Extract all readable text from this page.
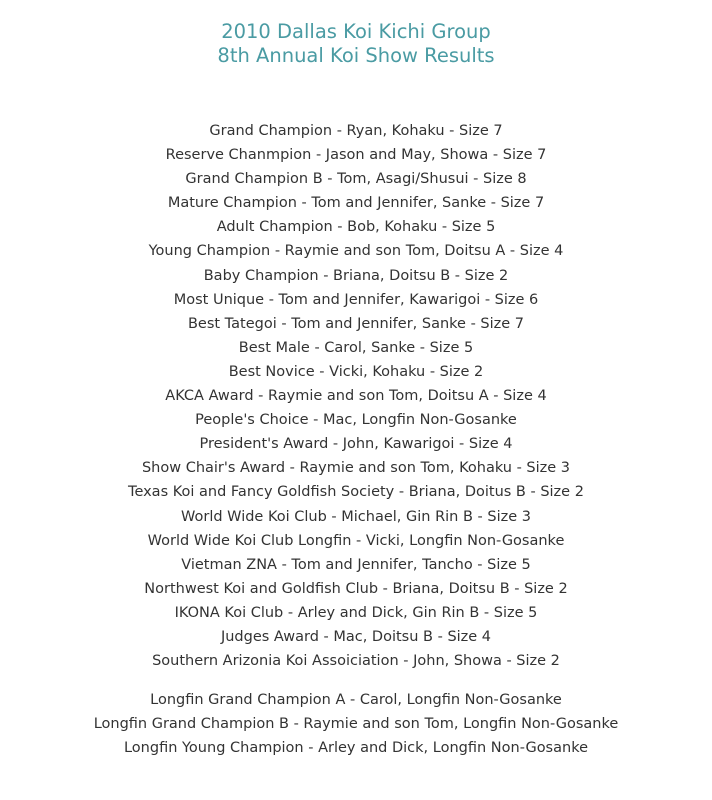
2010 Dallas Koi Kichi Group
8th Annual Koi Show Results
Grand Champion - Ryan, Kohaku - Size 7
Reserve Chanmpion - Jason and May, Showa - Size 7
Grand Champion B - Tom, Asagi/Shusui - Size 8
Mature Champion - Tom and Jennifer, Sanke - Size 7
Adult Champion - Bob, Kohaku - Size 5
Young Champion - Raymie and son Tom, Doitsu A - Size 4
Baby Champion - Briana, Doitsu B - Size 2
Most Unique - Tom and Jennifer, Kawarigoi - Size 6
Best Tategoi - Tom and Jennifer, Sanke - Size 7
Best Male - Carol, Sanke - Size 5
Best Novice - Vicki, Kohaku - Size 2
AKCA Award - Raymie and son Tom, Doitsu A - Size 4
People's Choice - Mac, Longfin Non-Gosanke
President's Award - John, Kawarigoi - Size 4
Show Chair's Award - Raymie and son Tom, Kohaku - Size 3
Texas Koi and Fancy Goldfish Society - Briana, Doitus B - Size 2
World Wide Koi Club - Michael, Gin Rin B - Size 3
World Wide Koi Club Longfin - Vicki, Longfin Non-Gosanke
Vietman ZNA - Tom and Jennifer, Tancho - Size 5
Northwest Koi and Goldfish Club - Briana, Doitsu B - Size 2
IKONA Koi Club - Arley and Dick, Gin Rin B - Size 5
Judges Award - Mac, Doitsu B - Size 4
Southern Arizonia Koi Assoiciation - John, Showa - Size 2
Longfin Grand Champion A - Carol, Longfin Non-Gosanke
Longfin Grand Champion B - Raymie and son Tom, Longfin Non-Gosanke
Longfin Young Champion - Arley and Dick, Longfin Non-Gosanke
